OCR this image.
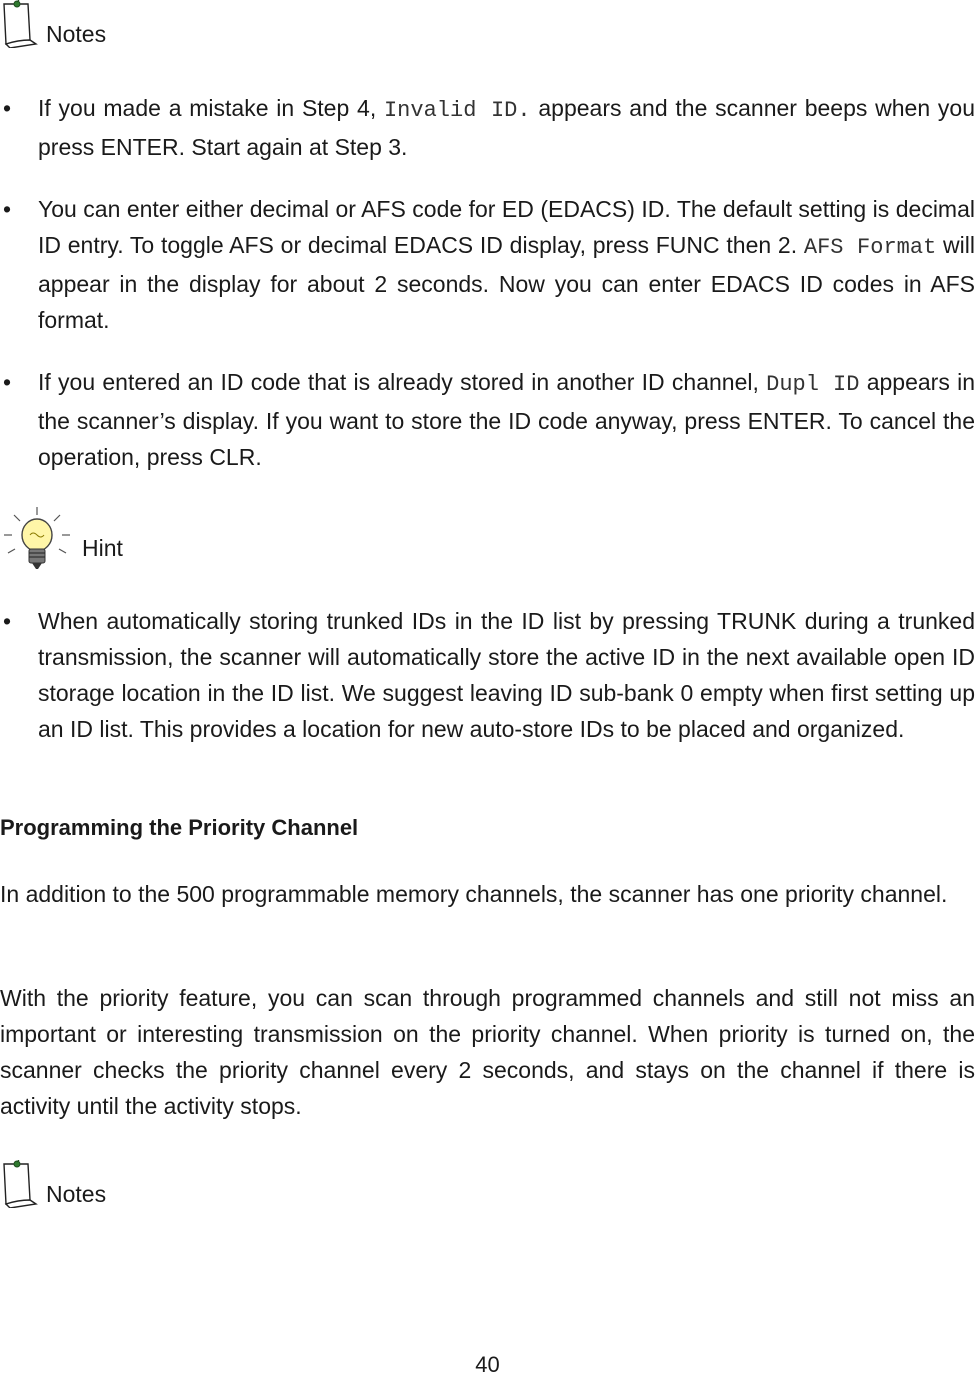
Notes
• If you made a mistake in Step 4, Invalid ID. appears and the scanner beeps when you press ENTER. Start again at Step 3.
• You can enter either decimal or AFS code for ED (EDACS) ID. The default setting is decimal ID entry. To toggle AFS or decimal EDACS ID display, press FUNC then 2. AFS Format will appear in the display for about 2 seconds. Now you can enter EDACS ID codes in AFS format.
• If you entered an ID code that is already stored in another ID channel, Dupl ID appears in the scanner’s display. If you want to store the ID code anyway, press ENTER. To cancel the operation, press CLR.
Hint
• When automatically storing trunked IDs in the ID list by pressing TRUNK during a trunked transmission, the scanner will automatically store the active ID in the next available open ID storage location in the ID list. We suggest leaving ID sub-bank 0 empty when first setting up an ID list. This provides a location for new auto-store IDs to be placed and organized.
Programming the Priority Channel
In addition to the 500 programmable memory channels, the scanner has one priority channel.
With the priority feature, you can scan through programmed channels and still not miss an important or interesting transmission on the priority channel. When priority is turned on, the scanner checks the priority channel every 2 seconds, and stays on the channel if there is activity until the activity stops.
Notes
40
